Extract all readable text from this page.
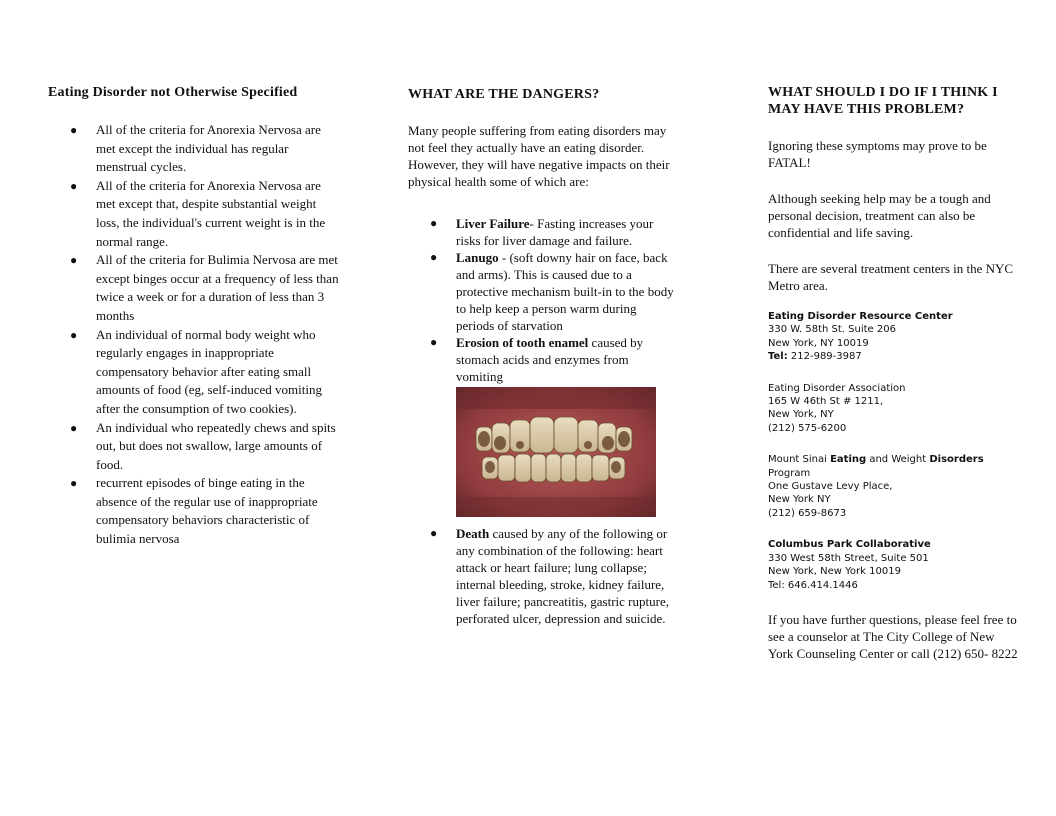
Eating Disorder not Otherwise Specified

● All of the criteria for Anorexia Nervosa are met except the individual has regular menstrual cycles.
● All of the criteria for Anorexia Nervosa are met except that, despite substantial weight loss, the individual's current weight is in the normal range.
● All of the criteria for Bulimia Nervosa are met except binges occur at a frequency of less than twice a week or for a duration of less than 3 months
● An individual of normal body weight who regularly engages in inappropriate compensatory behavior after eating small amounts of food (eg, self-induced vomiting after the consumption of two cookies).
● An individual who repeatedly chews and spits out, but does not swallow, large amounts of food.
● recurrent episodes of binge eating in the absence of the regular use of inappropriate compensatory behaviors characteristic of bulimia nervosa

WHAT ARE THE DANGERS?

Many people suffering from eating disorders may not feel they actually have an eating disorder. However, they will have negative impacts on their physical health some of which are:

● Liver Failure- Fasting increases your risks for liver damage and failure.
● Lanugo - (soft downy hair on face, back and arms). This is caused due to a protective mechanism built-in to the body to help keep a person warm during periods of starvation
● Erosion of tooth enamel caused by stomach acids and enzymes from vomiting
● Death caused by any of the following or any combination of the following: heart attack or heart failure; lung collapse; internal bleeding, stroke, kidney failure, liver failure; pancreatitis, gastric rupture, perforated ulcer, depression and suicide.

WHAT SHOULD I DO IF I THINK I MAY HAVE THIS PROBLEM?

Ignoring these symptoms may prove to be FATAL!

Although seeking help may be a tough and personal decision, treatment can also be confidential and life saving.

There are several treatment centers in the NYC Metro area.

Eating Disorder Resource Center
330 W. 58th St. Suite 206
New York, NY 10019
Tel: 212-989-3987
Eating Disorder Association
165 W 46th St # 1211,
New York, NY
(212) 575-6200
Mount Sinai Eating and Weight Disorders
Program
One Gustave Levy Place,
New York NY
(212) 659-8673
Columbus Park Collaborative
330 West 58th Street, Suite 501
New York, New York 10019
Tel: 646.414.1446

If you have further questions, please feel free to see a counselor at The City College of New York Counseling Center or call (212) 650- 8222
